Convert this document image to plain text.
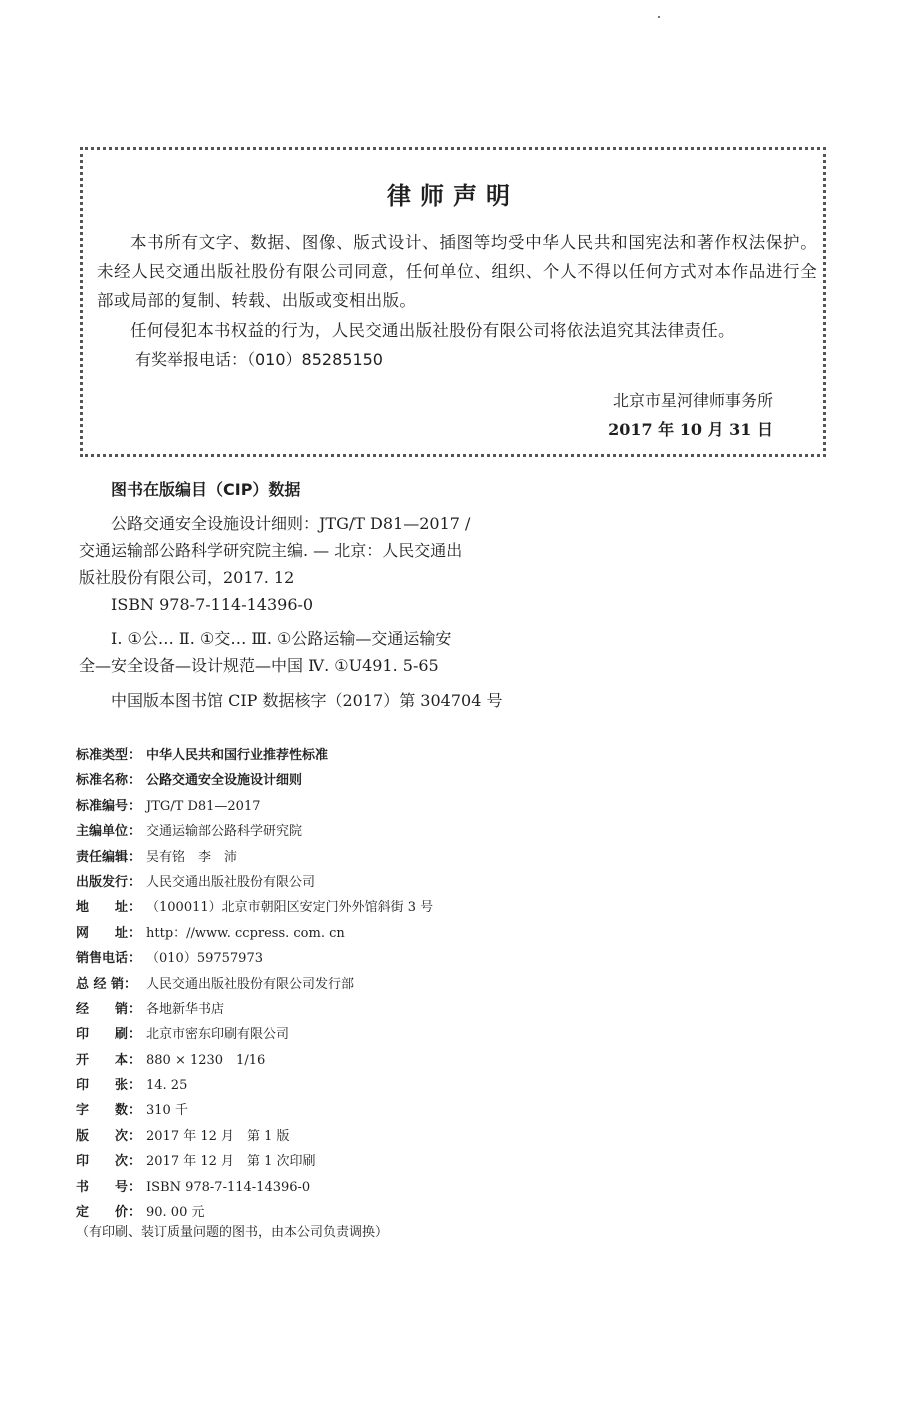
律师声明

本书所有文字、数据、图像、版式设计、插图等均受中华人民共和国宪法和著作权法保护。未经人民交通出版社股份有限公司同意，任何单位、组织、个人不得以任何方式对本作品进行全部或局部的复制、转载、出版或变相出版。

任何侵犯本书权益的行为，人民交通出版社股份有限公司将依法追究其法律责任。

有奖举报电话：（010）85285150
北京市星河律师事务所
2017 年 10 月 31 日
图书在版编目（CIP）数据
公路交通安全设施设计细则：JTG/T D81—2017 /
交通运输部公路科学研究院主编. — 北京：人民交通出
版社股份有限公司，2017. 12
ISBN 978-7-114-14396-0
Ⅰ. ①公… Ⅱ. ①交… Ⅲ. ①公路运输—交通运输安
全—安全设备—设计规范—中国 Ⅳ. ①U491. 5-65
中国版本图书馆 CIP 数据核字（2017）第 304704 号
标准类型： 中华人民共和国行业推荐性标准
标准名称： 公路交通安全设施设计细则
标准编号： JTG/T D81—2017
主编单位： 交通运输部公路科学研究院
责任编辑： 吴有铭　李　沛
出版发行： 人民交通出版社股份有限公司
地　　址： （100011）北京市朝阳区安定门外外馆斜街 3 号
网　　址： http：//www. ccpress. com. cn
销售电话： （010）59757973
总 经 销： 人民交通出版社股份有限公司发行部
经　　销： 各地新华书店
印　　刷： 北京市密东印刷有限公司
开　　本： 880 × 1230　1/16
印　　张： 14. 25
字　　数： 310 千
版　　次： 2017 年 12 月　第 1 版
印　　次： 2017 年 12 月　第 1 次印刷
书　　号： ISBN 978-7-114-14396-0
定　　价： 90. 00 元
（有印刷、装订质量问题的图书，由本公司负责调换）
